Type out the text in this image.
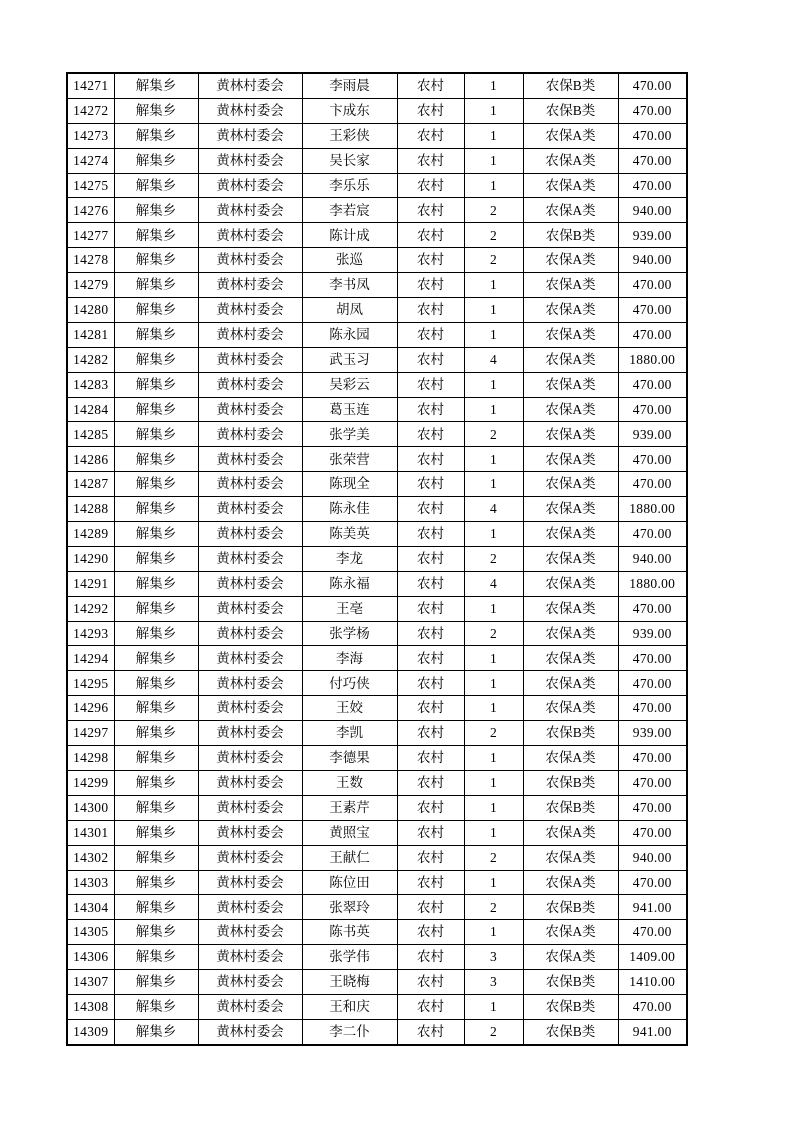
14271	解集乡	黄林村委会	李雨晨	农村	1	农保B类	470.00
14272	解集乡	黄林村委会	卞成东	农村	1	农保B类	470.00
14273	解集乡	黄林村委会	王彩侠	农村	1	农保A类	470.00
14274	解集乡	黄林村委会	吴长家	农村	1	农保A类	470.00
14275	解集乡	黄林村委会	李乐乐	农村	1	农保A类	470.00
14276	解集乡	黄林村委会	李若宸	农村	2	农保A类	940.00
14277	解集乡	黄林村委会	陈计成	农村	2	农保B类	939.00
14278	解集乡	黄林村委会	张巡	农村	2	农保A类	940.00
14279	解集乡	黄林村委会	李书凤	农村	1	农保A类	470.00
14280	解集乡	黄林村委会	胡凤	农村	1	农保A类	470.00
14281	解集乡	黄林村委会	陈永园	农村	1	农保A类	470.00
14282	解集乡	黄林村委会	武玉习	农村	4	农保A类	1880.00
14283	解集乡	黄林村委会	吴彩云	农村	1	农保A类	470.00
14284	解集乡	黄林村委会	葛玉连	农村	1	农保A类	470.00
14285	解集乡	黄林村委会	张学美	农村	2	农保A类	939.00
14286	解集乡	黄林村委会	张荣营	农村	1	农保A类	470.00
14287	解集乡	黄林村委会	陈现全	农村	1	农保A类	470.00
14288	解集乡	黄林村委会	陈永佳	农村	4	农保A类	1880.00
14289	解集乡	黄林村委会	陈美英	农村	1	农保A类	470.00
14290	解集乡	黄林村委会	李龙	农村	2	农保A类	940.00
14291	解集乡	黄林村委会	陈永福	农村	4	农保A类	1880.00
14292	解集乡	黄林村委会	王亳	农村	1	农保A类	470.00
14293	解集乡	黄林村委会	张学杨	农村	2	农保A类	939.00
14294	解集乡	黄林村委会	李海	农村	1	农保A类	470.00
14295	解集乡	黄林村委会	付巧侠	农村	1	农保A类	470.00
14296	解集乡	黄林村委会	王姣	农村	1	农保A类	470.00
14297	解集乡	黄林村委会	李凯	农村	2	农保B类	939.00
14298	解集乡	黄林村委会	李德果	农村	1	农保A类	470.00
14299	解集乡	黄林村委会	王数	农村	1	农保B类	470.00
14300	解集乡	黄林村委会	王素芹	农村	1	农保B类	470.00
14301	解集乡	黄林村委会	黄照宝	农村	1	农保A类	470.00
14302	解集乡	黄林村委会	王献仁	农村	2	农保A类	940.00
14303	解集乡	黄林村委会	陈位田	农村	1	农保A类	470.00
14304	解集乡	黄林村委会	张翠玲	农村	2	农保B类	941.00
14305	解集乡	黄林村委会	陈书英	农村	1	农保A类	470.00
14306	解集乡	黄林村委会	张学伟	农村	3	农保A类	1409.00
14307	解集乡	黄林村委会	王晓梅	农村	3	农保B类	1410.00
14308	解集乡	黄林村委会	王和庆	农村	1	农保B类	470.00
14309	解集乡	黄林村委会	李二仆	农村	2	农保B类	941.00
